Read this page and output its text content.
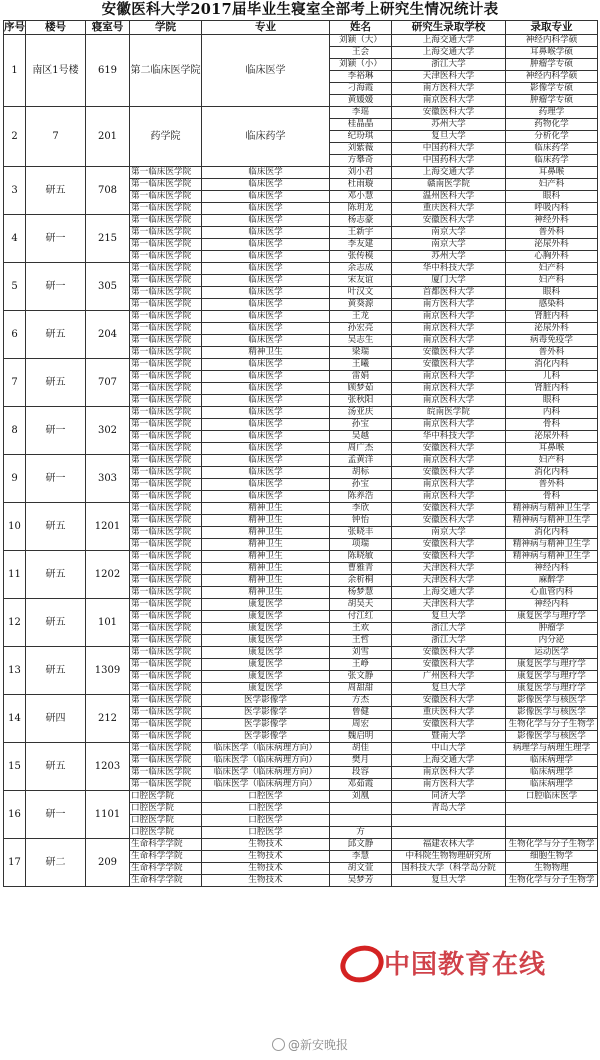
安徽医科大学2017届毕业生寝室全部考上研究生情况统计表
序号	楼号	寝室号	学院	专业	姓名	研究生录取学校	录取专业
1	南区1号楼	619	第二临床医学院	临床医学	刘颖（大）	上海交通大学	神经内科学硕
					王会	上海交通大学	耳鼻喉学硕
					刘颖（小）	浙江大学	肿瘤学专硕
					李裕琳	天津医科大学	神经内科学硕
					刁海霞	南方医科大学	影像学专硕
					黄媛媛	南京医科大学	肿瘤学专硕
2	7	201	药学院	临床药学	李瑶	安徽医科大学	药理学
					桂晶晶	苏州大学	药物化学
					纪玢琪	复旦大学	分析化学
					刘紫薇	中国药科大学	临床药学
					方攀奇	中国药科大学	临床药学
3	研五	708	第一临床医学院	临床医学	刘小君	上海交通大学	耳鼻喉
			第一临床医学院	临床医学	杜雨璇	赣南医学院	妇产科
			第一临床医学院	临床医学	邓小慧	温州医科大学	眼科
			第一临床医学院	临床医学	陈玥龙	重庆医科大学	呼吸内科
4	研一	215	第一临床医学院	临床医学	杨志豪	安徽医科大学	神经外科
			第一临床医学院	临床医学	王新宇	南京大学	普外科
			第一临床医学院	临床医学	李友建	南京大学	泌尿外科
			第一临床医学院	临床医学	张传模	苏州大学	心胸外科
5	研一	305	第一临床医学院	临床医学	余志成	华中科技大学	妇产科
			第一临床医学院	临床医学	宋友谊	厦门大学	妇产科
			第一临床医学院	临床医学	叶汉文	首都医科大学	眼科
			第一临床医学院	临床医学	黄葵源	南方医科大学	感染科
6	研五	204	第一临床医学院	临床医学	王龙	南京医科大学	肾脏内科
			第一临床医学院	临床医学	孙宏亮	南京医科大学	泌尿外科
			第一临床医学院	临床医学	吴志生	南京医科大学	病毒免疫学
			第一临床医学院	精神卫生	梁瑞	安徽医科大学	普外科
7	研五	707	第一临床医学院	临床医学	王曦	安徽医科大学	消化内科
			第一临床医学院	临床医学	雷娟	南京医科大学	儿科
			第一临床医学院	临床医学	顾梦茹	南京医科大学	肾脏内科
			第一临床医学院	临床医学	张秋阳	南京医科大学	眼科
8	研一	302	第一临床医学院	临床医学	汤亚庆	皖南医学院	内科
			第一临床医学院	临床医学	孙宝	南京医科大学	骨科
			第一临床医学院	临床医学	吴越	华中科技大学	泌尿外科
			第一临床医学院	临床医学	周广杰	安徽医科大学	耳鼻喉
9	研一	303	第一临床医学院	临床医学	孟黄洋	南京医科大学	妇产科
			第一临床医学院	临床医学	胡标	安徽医科大学	消化内科
			第一临床医学院	临床医学	孙宝	南京医科大学	普外科
			第一临床医学院	临床医学	陈养浩	南京医科大学	骨科
10	研五	1201	第一临床医学院	精神卫生	李欣	安徽医科大学	精神病与精神卫生学
			第一临床医学院	精神卫生	钟怡	安徽医科大学	精神病与精神卫生学
			第一临床医学院	精神卫生	张晓丰	南京大学	消化内科
			第一临床医学院	精神卫生	项瑞	安徽医科大学	精神病与精神卫生学
11	研五	1202	第一临床医学院	精神卫生	陈晓敏	安徽医科大学	精神病与精神卫生学
			第一临床医学院	精神卫生	曹雅青	天津医科大学	神经内科
			第一临床医学院	精神卫生	余析桐	天津医科大学	麻醉学
			第一临床医学院	精神卫生	杨梦慧	上海交通大学	心血管内科
12	研五	101	第一临床医学院	康复医学	胡吴天	天津医科大学	神经内科
			第一临床医学院	康复医学	付江红	复旦大学	康复医学与理疗学
			第一临床医学院	康复医学	王欢	浙江大学	肿瘤学
			第一临床医学院	康复医学	王哲	浙江大学	内分泌
13	研五	1309	第一临床医学院	康复医学	刘雪	安徽医科大学	运动医学
			第一临床医学院	康复医学	王峥	安徽医科大学	康复医学与理疗学
			第一临床医学院	康复医学	张文静	广州医科大学	康复医学与理疗学
			第一临床医学院	康复医学	周甜甜	复旦大学	康复医学与理疗学
14	研四	212	第一临床医学院	医学影像学	方杰	安徽医科大学	影像医学与核医学
			第一临床医学院	医学影像学	曾健	重庆医科大学	影像医学与核医学
			第一临床医学院	医学影像学	周宏	安徽医科大学	生物化学与分子生物学
			第一临床医学院	医学影像学	魏启明	暨南大学	影像医学与核医学
15	研五	1203	第一临床医学院	临床医学（临床病理方向）	胡佳	中山大学	病理学与病理生理学
			第一临床医学院	临床医学（临床病理方向）	樊月	上海交通大学	临床病理学
			第一临床医学院	临床医学（临床病理方向）	段容	南京医科大学	临床病理学
			第一临床医学院	临床医学（临床病理方向）	邓茹霞	南方医科大学	临床病理学
16	研一	1101	口腔医学院	口腔医学	刘凰	同济大学	口腔临床医学
			口腔医学院	口腔医学		青岛大学	
			口腔医学院	口腔医学			
			口腔医学院	口腔医学	方		
17	研二	209	生命科学学院	生物技术	邱文静	福建农林大学	生物化学与分子生物学
			生命科学学院	生物技术	李慧	中科院生物物理研究所	细胞生物学
			生命科学学院	生物技术	胡文萱	国科技大学（科学岛分院	生物物理
			生命科学学院	生物技术	吴梦芳	复旦大学	生物化学与分子生物学
中国教育在线
@新安晚报
